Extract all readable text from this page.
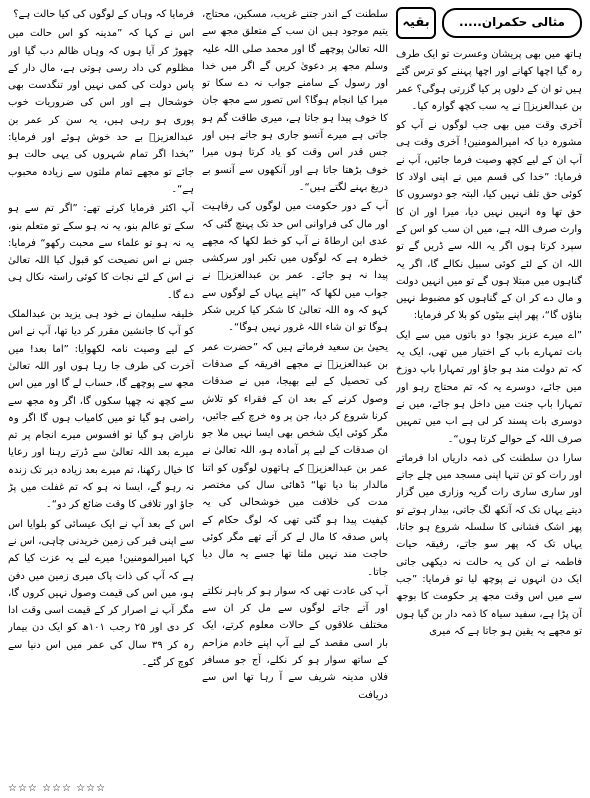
مثالی حکمران.....
بقیہ

ہاتھ میں بھی پریشان وعسرت تو ایک طرف رہ گیا اچھا کھانے اور اچھا پہننے کو ترس گئے ہیں تو ان کے دلوں پر کیا گزرتی ہوگی؟ عمر بن عبدالعزیزؒ نے یہ سب کچھ گوارہ کیا۔

آخری وقت میں بھی جب لوگوں نے آپ کو مشورہ دیا کہ امیرالمومنین! آخری وقت ہی آپ ان کے لیے کچھ وصیت فرما جائیں، آپ نے فرمایا: ”خدا کی قسم میں نے اپنی اولاد کا کوئی حق تلف نہیں کیا، البتہ جو دوسروں کا حق تھا وہ انہیں نہیں دیا، میرا اور ان کا وارث صرف اللہ ہے، میں ان سب کو اس کے سپرد کرتا ہوں اگر یہ اللہ سے ڈریں گے تو اللہ ان کے لئے کوئی سبیل نکالے گا، اگر یہ گناہوں میں مبتلا ہوں گے تو میں انہیں دولت و مال دے کر ان کے گناہوں کو مضبوط نہیں بناؤں گا“، پھر اپنے بیٹوں کو بلا کر فرمایا:

”اے میرے عزیز بچو! دو باتوں میں سے ایک بات تمہارے باپ کے اختیار میں تھی، ایک یہ کہ تم دولت مند ہو جاؤ اور تمہارا باپ دوزخ میں جائے، دوسرے یہ کہ تم محتاج رہو اور تمہارا باپ جنت میں داخل ہو جائے، میں نے دوسری بات پسند کر لی ہے اب میں تمہیں صرف اللہ کے حوالے کرتا ہوں“۔

سارا دن سلطنت کی ذمہ داریاں ادا فرماتے اور رات کو تن تنہا اپنی مسجد میں چلے جاتے اور ساری ساری رات گریہ وزاری میں گزار دیتے یہاں تک کہ آنکھ لگ جاتی، بیدار ہوتے تو پھر اشک فشانی کا سلسلہ شروع ہو جاتا، یہاں تک کہ پھر سو جاتے، رفیقہ حیات فاطمہ نے ان کی یہ حالت نہ دیکھی جاتی ایک دن انہوں نے پوچھ لیا تو فرمایا: ”جب سے میں اس وقت مجھ پر حکومت کا بوجھ آن پڑا ہے، سفید سیاہ کا ذمہ دار بن گیا ہوں تو مجھے یہ یقین ہو جاتا ہے کہ میری

سلطنت کے اندر جتنے غریب، مسکین، محتاج، یتیم موجود ہیں ان سب کے متعلق مجھ سے اللہ تعالیٰ پوچھے گا اور محمد صلی اللہ علیہ وسلم مجھ پر دعویٰ کریں گے اگر میں خدا اور رسول کے سامنے جواب نہ دے سکا تو میرا کیا انجام ہوگا؟ اس تصور سے مجھ جان کا خوف پیدا ہو جاتا ہے، میری طاقت گم ہو جاتی ہے میرے آنسو جاری ہو جاتے ہیں اور جس قدر اس وقت کو یاد کرتا ہوں میرا خوف بڑھتا جاتا ہے اور آنکھوں سے آنسو بے دریغ بہنے لگتے ہیں“۔

آپ کے دور حکومت میں لوگوں کی رفاہیت اور مال کی فراوانی اس حد تک پہنچ گئی کہ عدی ابن ارطاۃ نے آپ کو خط لکھا کہ مجھے خطرہ ہے کہ لوگوں میں تکبر اور سرکشی پیدا نہ ہو جائے۔ عمر بن عبدالعزیزؒ نے جواب میں لکھا کہ ”اپنے یہاں کے لوگوں سے کہو کہ وہ اللہ تعالیٰ کا شکر کیا کریں شکر ہوگا تو ان شاء اللہ غرور نہیں ہوگا“۔

یحییٰ بن سعید فرماتے ہیں کہ ”حضرت عمر بن عبدالعزیزؒ نے مجھے افریقہ کے صدقات کی تحصیل کے لیے بھیجا، میں نے صدقات وصول کرنے کے بعد ان کے فقراء کو تلاش کرنا شروع کر دیا، جن پر وہ خرچ کیے جائیں، مگر کوئی ایک شخص بھی ایسا نہیں ملا جو ان صدقات کے لیے پر آمادہ ہو، اللہ تعالیٰ نے عمر بن عبدالعزیزؒ کے ہاتھوں لوگوں کو اتنا مالدار بنا دیا تھا“ ڈھائی سال کی مختصر مدت کی خلافت میں خوشحالی کی یہ کیفیت پیدا ہو گئی تھی کہ لوگ حکام کے پاس صدقہ کا مال لے کر آتے تھے مگر کوئی حاجت مند نہیں ملتا تھا جسے یہ مال دیا جاتا۔

آپ کی عادت تھی کہ سوار ہو کر باہر نکلتے اور آتے جاتے لوگوں سے مل کر ان سے مختلف علاقوں کے حالات معلوم کرتے، ایک بار اسی مقصد کے لیے آپ اپنے خادم مزاحم کے ساتھ سوار ہو کر نکلے، آج جو مسافر فلاں مدینہ شریف سے آ رہا تھا اس سے دریافت

فرمایا کہ وہاں کے لوگوں کی کیا حالت ہے؟

اس نے کہا کہ ”مدینہ کو اس حالت میں چھوڑ کر آیا ہوں کہ وہاں ظالم دب گیا اور مظلوم کی داد رسی ہوتی ہے، مال دار کے پاس دولت کی کمی نہیں اور تنگدست بھی خوشحال ہے اور اس کی ضروریات خوب پوری ہو رہی ہیں، یہ سن کر عمر بن عبدالعزیزؒ بے حد خوش ہوئے اور فرمایا: ”بخدا اگر تمام شہروں کی یہی حالت ہو جائے تو مجھے تمام ملتوں سے زیادہ محبوب ہے“۔

آپ اکثر فرمایا کرتے تھے: ”اگر تم سے ہو سکے تو عالم بنو، یہ نہ ہو سکے تو متعلم بنو، یہ نہ ہو تو علماء سے محبت رکھو“ فرمایا: جس نے اس نصیحت کو قبول کیا اللہ تعالیٰ نے اس کے لئے نجات کا کوئی راستہ نکال ہی دے گا۔

خلیفہ سلیمان نے خود ہی یزید بن عبدالملک کو آپ کا جانشین مقرر کر دیا تھا، آپ نے اس کے لیے وصیت نامہ لکھوایا: ”اما بعد! میں آخرت کی طرف جا رہا ہوں اور اللہ تعالیٰ مجھ سے پوچھے گا، حساب لے گا اور میں اس سے کچھ نہ چھپا سکوں گا، اگر وہ مجھ سے راضی ہو گیا تو میں کامیاب ہوں گا اگر وہ ناراض ہو گیا تو افسوس میرے انجام پر تم میرے بعد اللہ تعالیٰ سے ڈرتے رہنا اور رعایا کا خیال رکھنا، تم میرے بعد زیادہ دیر تک زندہ نہ رہو گے، ایسا نہ ہو کہ تم غفلت میں پڑ جاؤ اور تلافی کا وقت ضائع کر دو“۔

اس کے بعد آپ نے ایک عیسائی کو بلوایا اس سے اپنی قبر کی زمین خریدنی چاہی، اس نے کہا امیرالمومنین! میرے لیے یہ عزت کیا کم ہے کہ آپ کی ذات پاک میری زمین میں دفن ہو، میں اس کی قیمت وصول نہیں کروں گا، مگر آپ نے اصرار کر کے قیمت اسی وقت ادا کر دی اور ۲۵ رجب ۱۰۱ھ کو ایک دن بیمار رہ کر ۳۹ سال کی عمر میں اس دنیا سے کوچ کر گئے۔

☆☆☆ ☆☆☆ ☆☆☆
